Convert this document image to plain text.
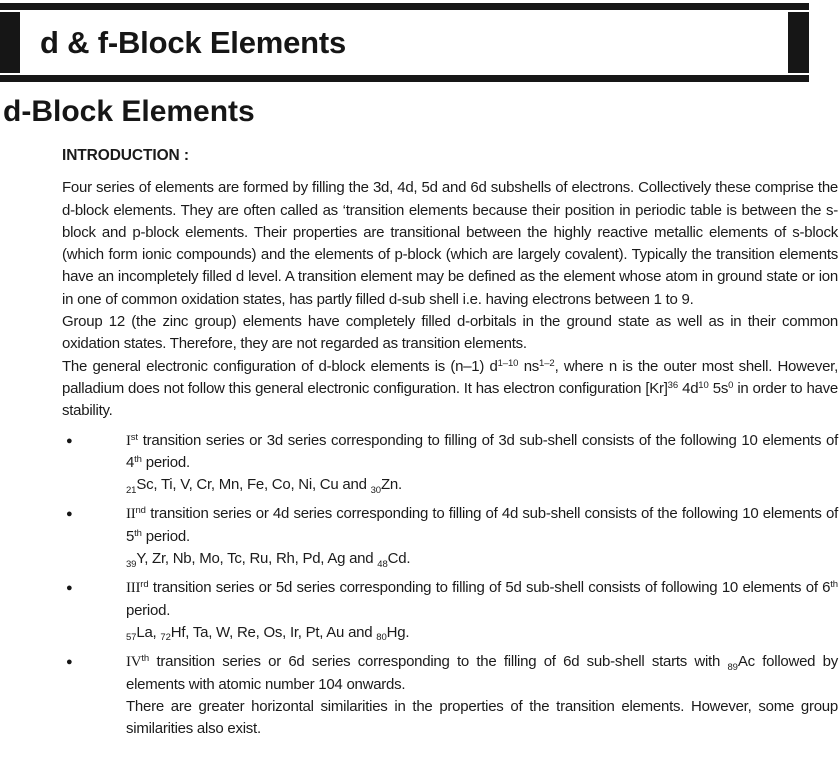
d & f-Block Elements
d-Block Elements
INTRODUCTION :

Four series of elements are formed by filling the 3d, 4d, 5d and 6d subshells of electrons. Collectively these comprise the d-block elements. They are often called as ‘transition elements because their position in periodic table is between the s-block and p-block elements. Their properties are transitional between the highly reactive metallic elements of s-block (which form ionic compounds) and the elements of p-block (which are largely covalent). Typically the transition elements have an incompletely filled d level. A transition element may be defined as the element whose atom in ground state or ion in one of common oxidation states, has partly filled d-sub shell i.e. having electrons between 1 to 9.

Group 12 (the zinc group) elements have completely filled d-orbitals in the ground state as well as in their common oxidation states. Therefore, they are not regarded as transition elements.

The general electronic configuration of d-block elements is (n–1) $d^{1-10}$ $ns^{1-2}$, where n is the outer most shell. However, palladium does not follow this general electronic configuration. It has electron configuration $[Kr]^{36}$ $4d^{10}$ $5s^0$ in order to have stability.

●	Ist transition series or 3d series corresponding to filling of 3d sub-shell consists of the following 10 elements of 4th period.

$_{21}$Sc, Ti, V, Cr, Mn, Fe, Co, Ni, Cu and $_{30}$Zn.

●	IInd transition series or 4d series corresponding to filling of 4d sub-shell consists of the following 10 elements of 5th period.

$_{39}$Y, Zr, Nb, Mo, Tc, Ru, Rh, Pd, Ag and $_{48}$Cd.

●	IIIrd transition series or 5d series corresponding to filling of 5d sub-shell consists of following 10 elements of 6th period.

$_{57}$La, $_{72}$Hf, Ta, W, Re, Os, Ir, Pt, Au and $_{80}$Hg.

●	IVth transition series or 6d series corresponding to the filling of 6d sub-shell starts with $_{89}$Ac followed by elements with atomic number 104 onwards.

There are greater horizontal similarities in the properties of the transition elements. However, some group similarities also exist.
